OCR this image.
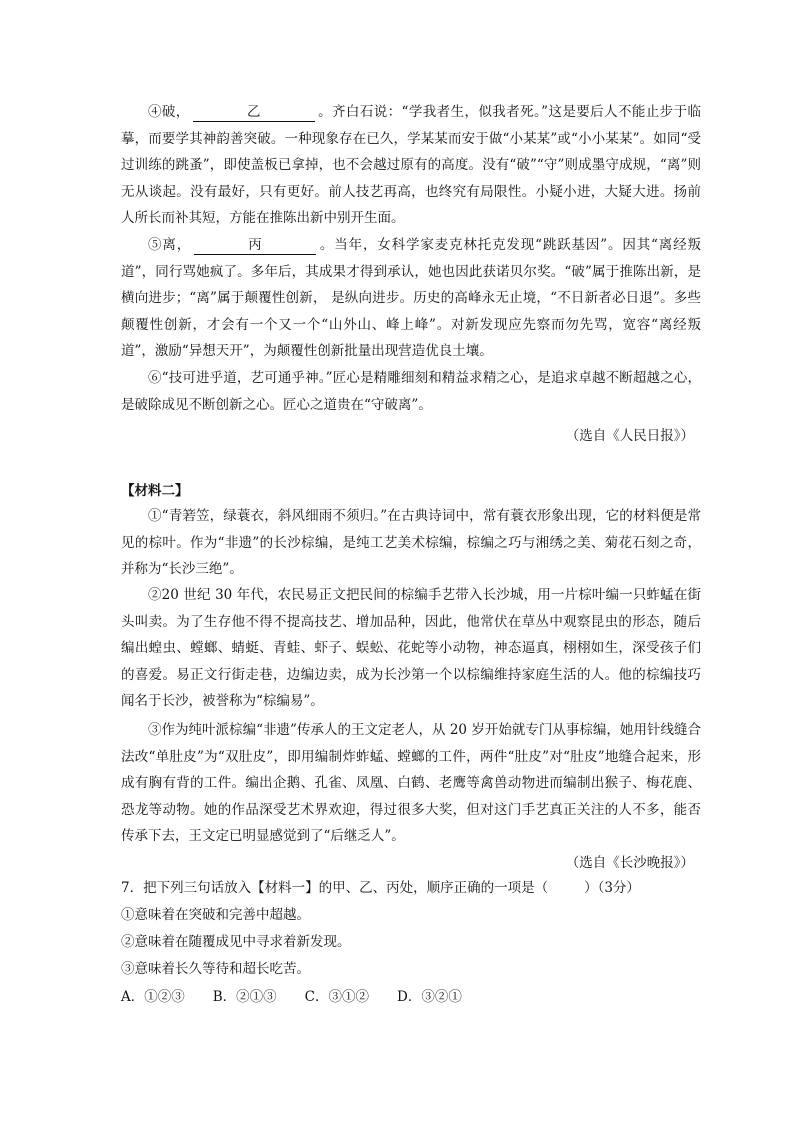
④破，	乙	。齐白石说：“学我者生，似我者死。”这是要后人不能止步于临摹，而要学其神韵善突破。一种现象存在已久，学某某而安于做“小某某”或“小小某某”。如同“受过训练的跳蚤”，即使盖板已拿掉，也不会越过原有的高度。没有“破”“守”则成墨守成规，“离”则无从谈起。没有最好，只有更好。前人技艺再高，也终究有局限性。小疑小进，大疑大进。扬前人所长而补其短，方能在推陈出新中别开生面。

⑤离，	丙	。当年，女科学家麦克林托克发现“跳跃基因”。因其“离经叛道”，同行骂她疯了。多年后，其成果才得到承认，她也因此获诺贝尔奖。“破”属于推陈出新，是横向进步；“离”属于颠覆性创新， 是纵向进步。历史的高峰永无止境，“不日新者必日退”。多些颠覆性创新，才会有一个又一个“山外山、峰上峰”。对新发现应先察而勿先骂，宽容“离经叛道”，激励“异想天开”，为颠覆性创新批量出现营造优良土壤。

⑥“技可进乎道，艺可通乎神。”匠心是精雕细刻和精益求精之心，是追求卓越不断超越之心，是破除成见不断创新之心。匠心之道贵在“守破离”。

（选自《人民日报》）

【材料二】

①“青箬笠，绿蓑衣，斜风细雨不须归。”在古典诗词中，常有蓑衣形象出现，它的材料便是常见的棕叶。作为“非遗”的长沙棕编，是纯工艺美术棕编，棕编之巧与湘绣之美、菊花石刻之奇，并称为“长沙三绝”。

②20 世纪 30 年代，农民易正文把民间的棕编手艺带入长沙城，用一片棕叶编一只蚱蜢在街头叫卖。为了生存他不得不提高技艺、增加品种，因此，他常伏在草丛中观察昆虫的形态，随后编出蝗虫、螳螂、蜻蜓、青蛙、虾子、蜈蚣、花蛇等小动物，神态逼真，栩栩如生，深受孩子们的喜爱。易正文行街走巷，边编边卖，成为长沙第一个以棕编维持家庭生活的人。他的棕编技巧闻名于长沙，被誉称为“棕编易”。

③作为纯叶派棕编“非遗”传承人的王文定老人，从 20 岁开始就专门从事棕编，她用针线缝合法改“单肚皮”为“双肚皮”，即用编制炸蚱蜢、螳螂的工件，两件“肚皮”对“肚皮”地缝合起来，形成有胸有背的工件。编出企鹅、孔雀、凤凰、白鹤、老鹰等禽兽动物进而编制出猴子、梅花鹿、恐龙等动物。她的作品深受艺术界欢迎，得过很多大奖，但对这门手艺真正关注的人不多，能否传承下去，王文定已明显感觉到了“后继乏人”。

（选自《长沙晚报》）

7．把下列三句话放入【材料一】的甲、乙、丙处，顺序正确的一项是（	）（3分）

①意味着在突破和完善中超越。

②意味着在随覆成见中寻求着新发现。

③意味着长久等待和超长吃苦。

A．①②③ B．②①③ C．③①② D．③②①
